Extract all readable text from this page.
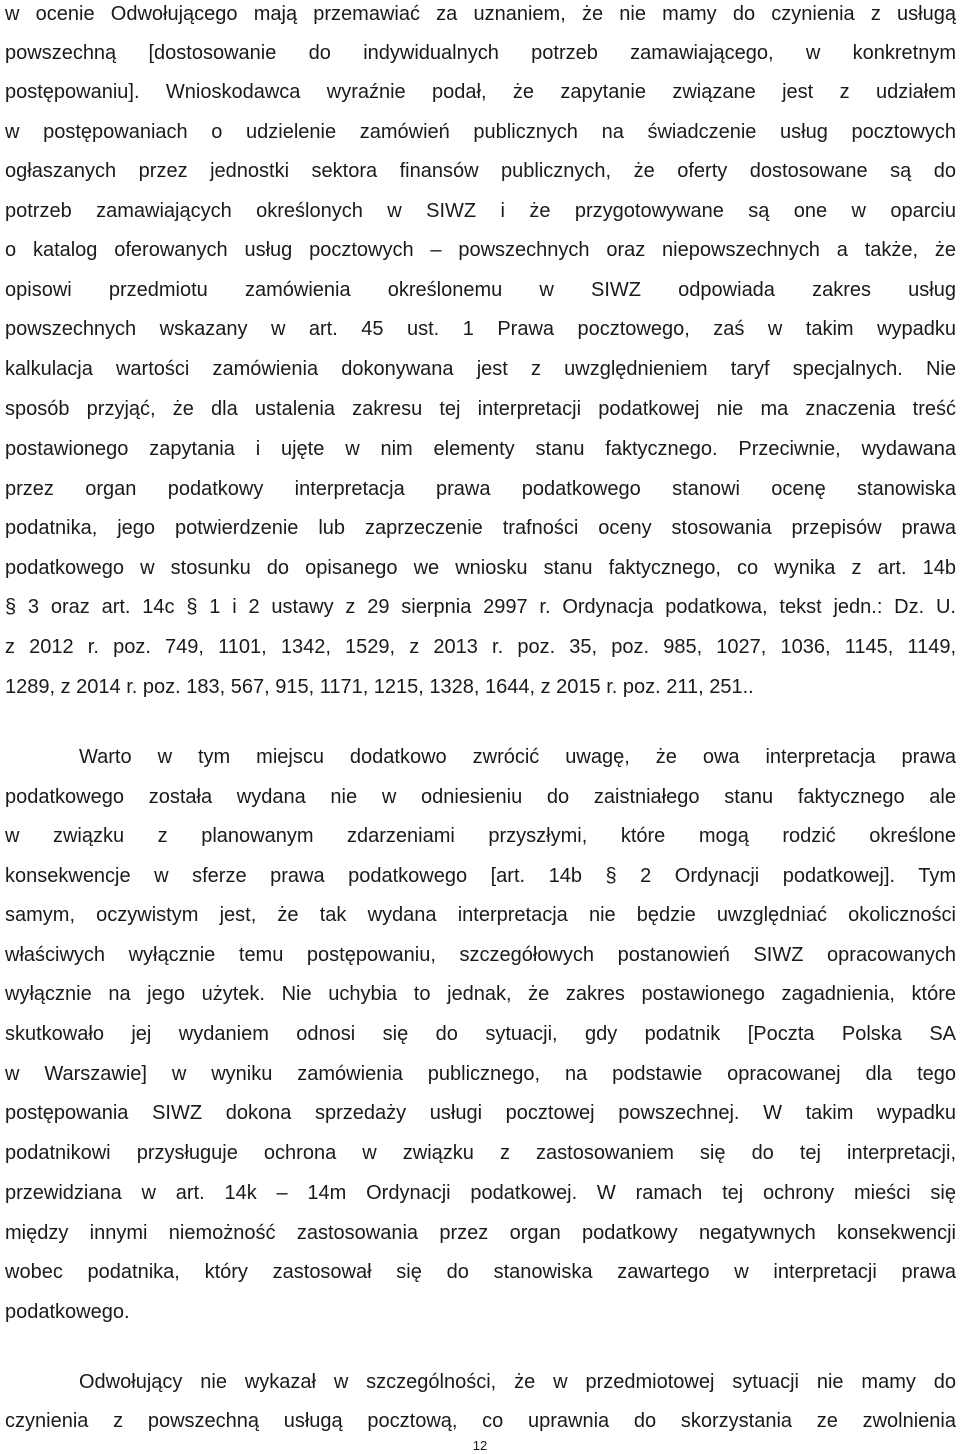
w ocenie Odwołującego mają przemawiać za uznaniem, że nie mamy do czynienia z usługą
powszechną [dostosowanie do indywidualnych potrzeb zamawiającego, w konkretnym
postępowaniu]. Wnioskodawca wyraźnie podał, że zapytanie związane jest z udziałem
w postępowaniach o udzielenie zamówień publicznych na świadczenie usług pocztowych
ogłaszanych przez jednostki sektora finansów publicznych, że oferty dostosowane są do
potrzeb zamawiających określonych w SIWZ i że przygotowywane są one w oparciu
o katalog oferowanych usług pocztowych – powszechnych oraz niepowszechnych a także, że
opisowi przedmiotu zamówienia określonemu w SIWZ odpowiada zakres usług
powszechnych wskazany w art. 45 ust. 1 Prawa pocztowego, zaś w takim wypadku
kalkulacja wartości zamówienia dokonywana jest z uwzględnieniem taryf specjalnych. Nie
sposób przyjąć, że dla ustalenia zakresu tej interpretacji podatkowej nie ma znaczenia treść
postawionego zapytania i ujęte w nim elementy stanu faktycznego. Przeciwnie, wydawana
przez organ podatkowy interpretacja prawa podatkowego stanowi ocenę stanowiska
podatnika, jego potwierdzenie lub zaprzeczenie trafności oceny stosowania przepisów prawa
podatkowego w stosunku do opisanego we wniosku stanu faktycznego, co wynika z art. 14b
§ 3 oraz art. 14c § 1 i 2 ustawy z 29 sierpnia 2997 r. Ordynacja podatkowa, tekst jedn.: Dz. U.
z 2012 r. poz. 749, 1101, 1342, 1529, z 2013 r. poz. 35, poz. 985, 1027, 1036, 1145, 1149,
1289, z 2014 r. poz. 183, 567, 915, 1171, 1215, 1328, 1644, z 2015 r. poz. 211, 251..
Warto w tym miejscu dodatkowo zwrócić uwagę, że owa interpretacja prawa
podatkowego została wydana nie w odniesieniu do zaistniałego stanu faktycznego ale
w związku z planowanym zdarzeniami przyszłymi, które mogą rodzić określone
konsekwencje w sferze prawa podatkowego [art. 14b § 2 Ordynacji podatkowej]. Tym
samym, oczywistym jest, że tak wydana interpretacja nie będzie uwzględniać okoliczności
właściwych wyłącznie temu postępowaniu, szczegółowych postanowień SIWZ opracowanych
wyłącznie na jego użytek. Nie uchybia to jednak, że zakres postawionego zagadnienia, które
skutkowało jej wydaniem odnosi się do sytuacji, gdy podatnik [Poczta Polska SA
w Warszawie] w wyniku zamówienia publicznego, na podstawie opracowanej dla tego
postępowania SIWZ dokona sprzedaży usługi pocztowej powszechnej. W takim wypadku
podatnikowi przysługuje ochrona w związku z zastosowaniem się do tej interpretacji,
przewidziana w art. 14k – 14m Ordynacji podatkowej. W ramach tej ochrony mieści się
między innymi niemożność zastosowania przez organ podatkowy negatywnych konsekwencji
wobec podatnika, który zastosował się do stanowiska zawartego w interpretacji prawa
podatkowego.
Odwołujący nie wykazał w szczególności, że w przedmiotowej sytuacji nie mamy do
czynienia z powszechną usługą pocztową, co uprawnia do skorzystania ze zwolnienia
12
